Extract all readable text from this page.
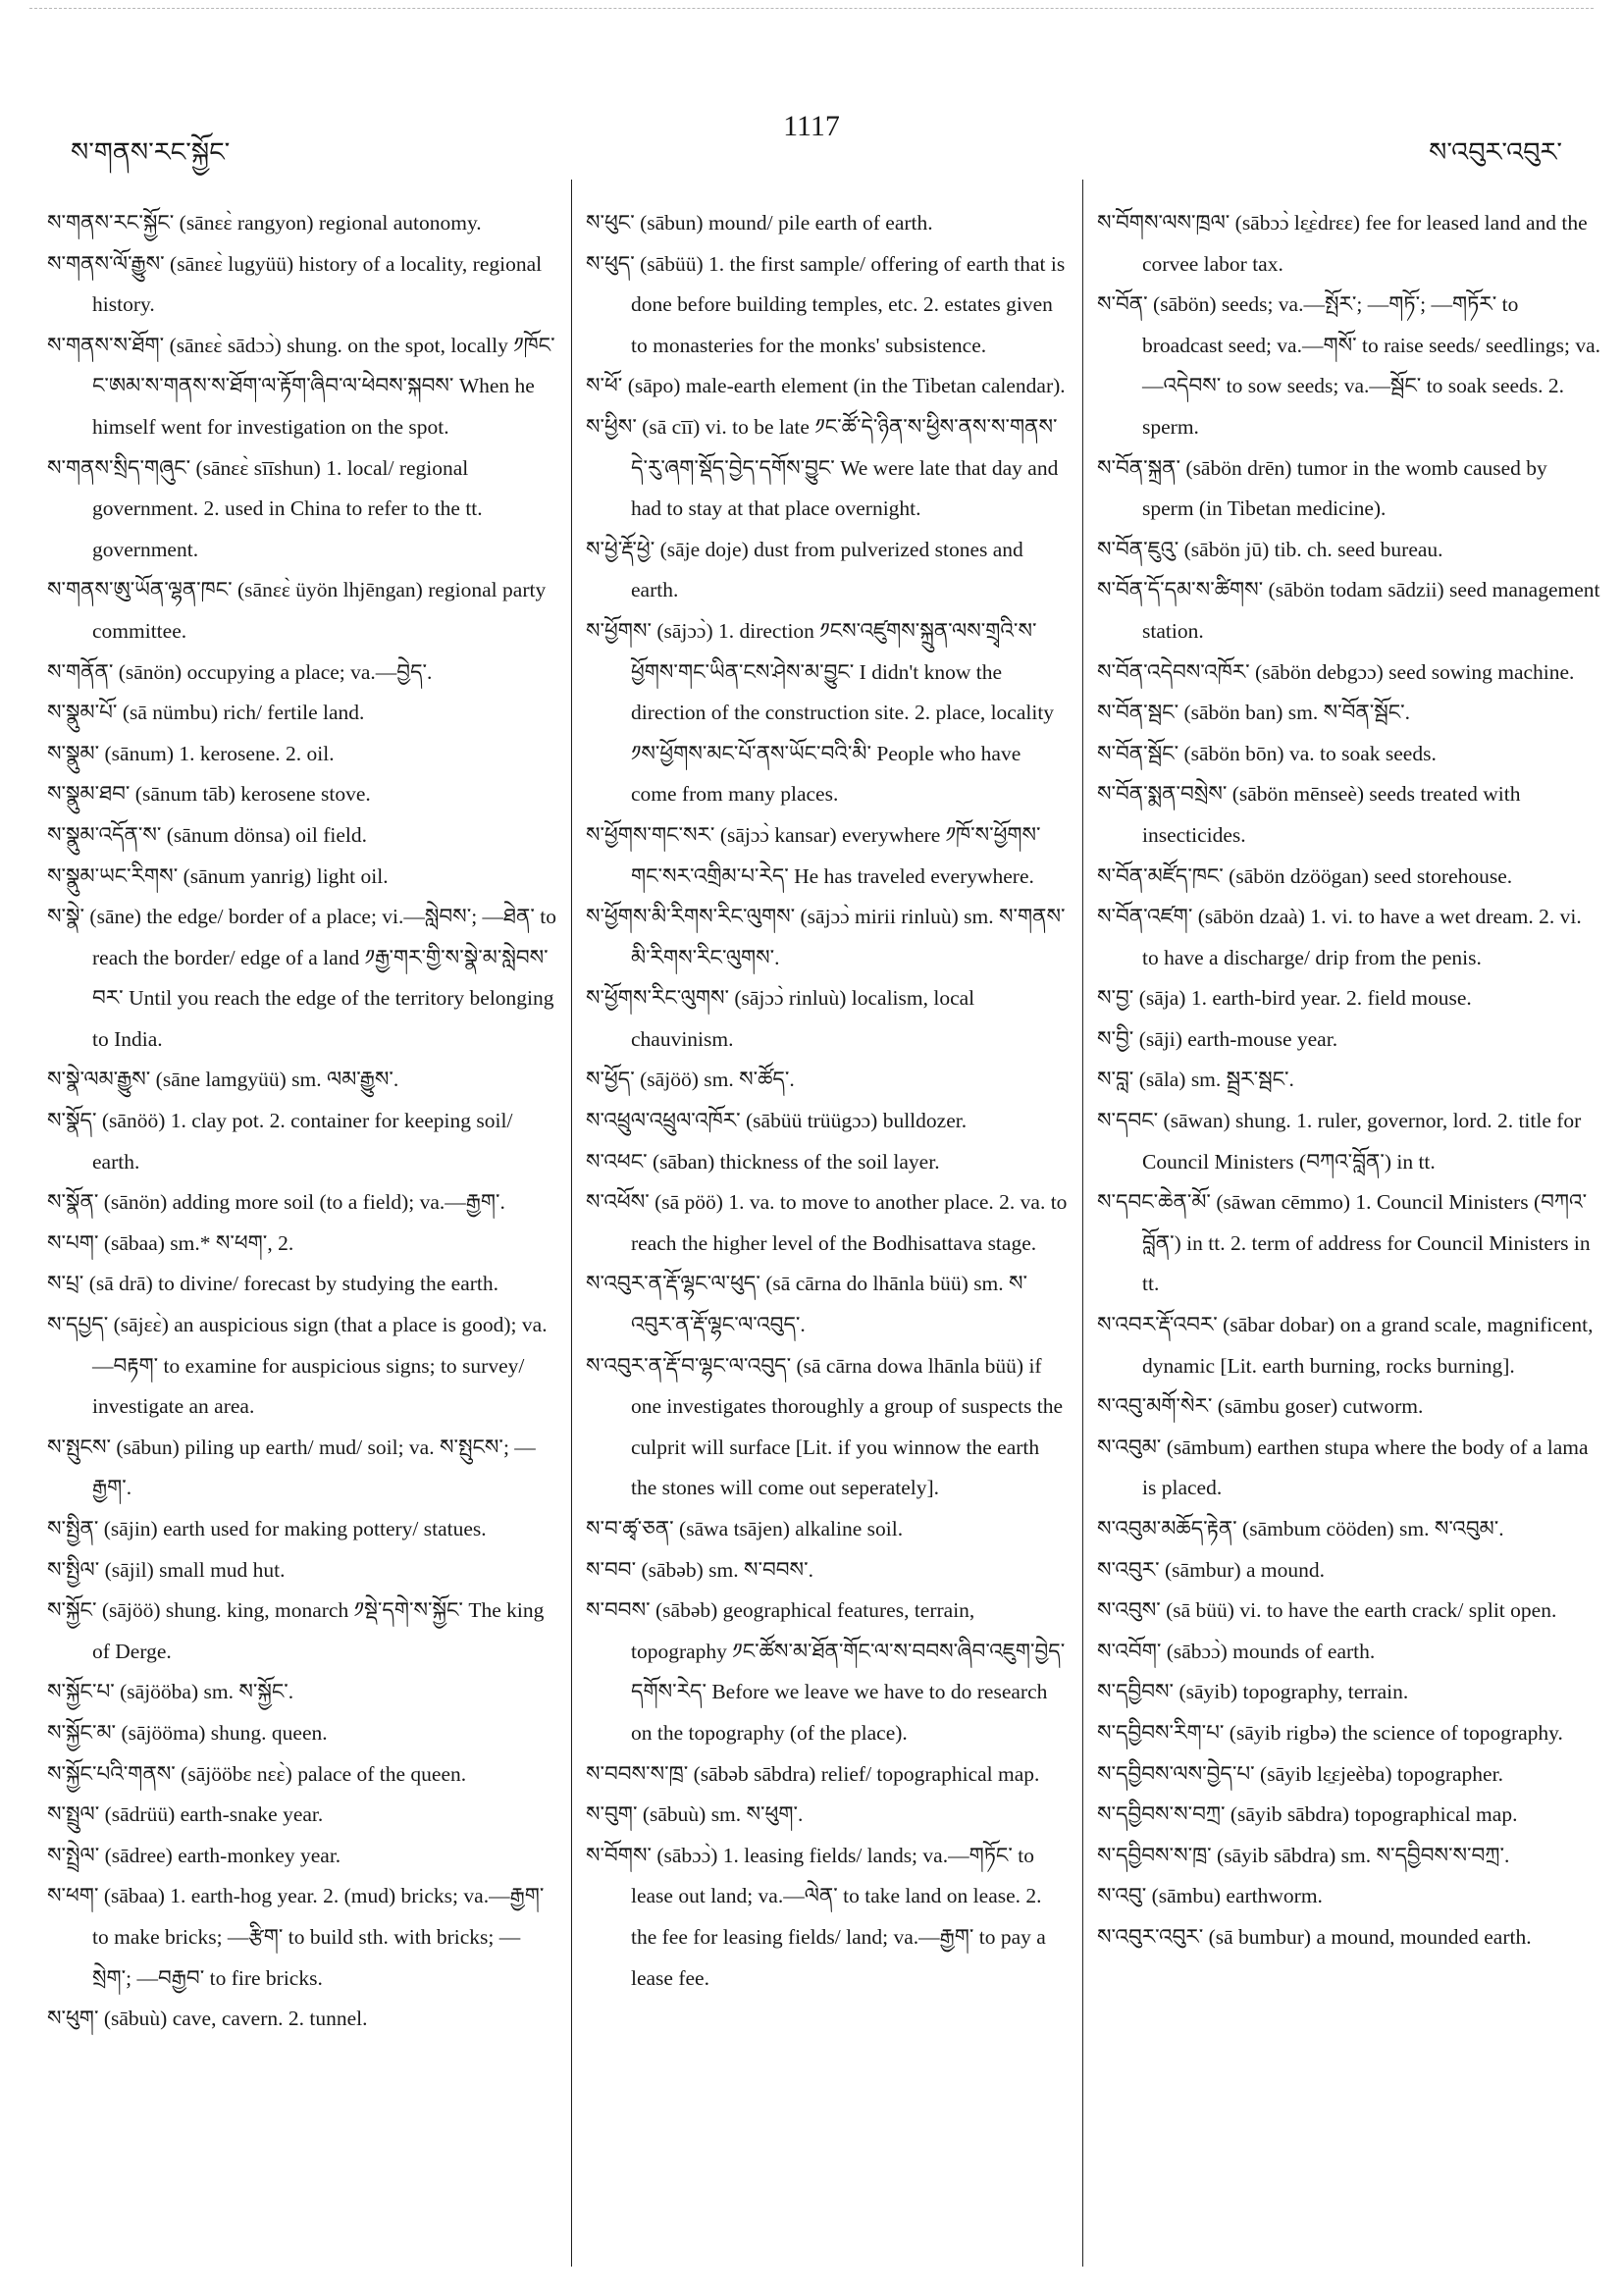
ས་གནས་རང་སྐྱོང་
1117
ས་འབུར་འབུར་

ས་གནས་རང་སྐྱོང་ (sānɛɛ̀ rangyon) regional autonomy.

ས་གནས་ལོ་རྒྱུས་ (sānɛɛ̀ lugyüü) history of a locality, regional history.

ས་གནས་ས་ཐོག་ (sānɛɛ̀ sādɔɔ̀) shung. on the spot, locally ༡ཁོང་ང་ཨམ་ས་གནས་ས་ཐོག་ལ་རྟོག་ཞིབ་ལ་ཕེབས་སྐབས་ When he himself went for investigation on the spot.

ས་གནས་སྲིད་གཞུང་ (sānɛɛ̀ sīīshun) 1. local/ regional government. 2. used in China to refer to the tt. government.

ས་གནས་ཨུ་ཡོན་ལྷན་ཁང་ (sānɛɛ̀ üyön lhjēngan) regional party committee.

ས་གནོན་ (sānön) occupying a place; va.—བྱེད་.

ས་སྣུམ་པོ་ (sā nümbu) rich/ fertile land.

ས་སྣུམ་ (sānum) 1. kerosene. 2. oil.

ས་སྣུམ་ཐབ་ (sānum tāb) kerosene stove.

ས་སྣུམ་འདོན་ས་ (sānum dönsa) oil field.

ས་སྣུམ་ཡང་རིགས་ (sānum yanrig) light oil.

ས་སྣེ་ (sāne) the edge/ border of a place; vi.—སླེབས་; —ཐེན་ to reach the border/ edge of a land ༡རྒྱ་གར་གྱི་ས་སྣེ་མ་སླེབས་བར་ Until you reach the edge of the territory belonging to India.

ས་སྣེ་ལམ་རྒྱུས་ (sāne lamgyüü) sm. ལམ་རྒྱུས་.

ས་སྣོད་ (sānöö) 1. clay pot. 2. container for keeping soil/ earth.

ས་སྣོན་ (sānön) adding more soil (to a field); va.—རྒྱག་.

ས་པག་ (sābaa) sm.* ས་ཕག་, 2.

ས་པྲ་ (sā drā) to divine/ forecast by studying the earth.

ས་དཔྱད་ (sājɛɛ̀) an auspicious sign (that a place is good); va.—བརྟག་ to examine for auspicious signs; to survey/ investigate an area.

ས་སྤུངས་ (sābun) piling up earth/ mud/ soil; va. ས་སྤུངས་; —རྒྱག་.

ས་སྤྱིན་ (sājin) earth used for making pottery/ statues.

ས་སྤྱིལ་ (sājil) small mud hut.

ས་སྐྱོང་ (sājöö) shung. king, monarch ༡སྡེ་དགེ་ས་སྐྱོང་ The king of Derge.

ས་སྐྱོང་པ་ (sājööba) sm. ས་སྐྱོང་.

ས་སྐྱོང་མ་ (sājööma) shung. queen.

ས་སྐྱོང་པའི་གནས་ (sājööbɛ nɛɛ̀) palace of the queen.

ས་སྤྲུལ་ (sādrüü) earth-snake year.

ས་སྤྲེལ་ (sādree) earth-monkey year.

ས་ཕག་ (sābaa) 1. earth-hog year. 2. (mud) bricks; va.—རྒྱག་ to make bricks; —རྩིག་ to build sth. with bricks; —སྲེག་; —བརྒྱབ་ to fire bricks.

ས་ཕུག་ (sābuù) cave, cavern. 2. tunnel.

ས་ཕུང་ (sābun) mound/ pile earth of earth.

ས་ཕུད་ (sābüü) 1. the first sample/ offering of earth that is done before building temples, etc. 2. estates given to monasteries for the monks' subsistence.

ས་ཕོ་ (sāpo) male-earth element (in the Tibetan calendar).

ས་ཕྱིས་ (sā cīī) vi. to be late ༡ང་ཚོ་དེ་ཉིན་ས་ཕྱིས་ནས་ས་གནས་དེ་རུ་ཞག་སྡོད་བྱེད་དགོས་བྱུང་ We were late that day and had to stay at that place overnight.

ས་ཕྱེ་རྡོ་ཕྱེ་ (sāje doje) dust from pulverized stones and earth.

ས་ཕྱོགས་ (sājɔɔ̀) 1. direction ༡ངས་འཛུགས་སྐྲུན་ལས་གྲྭའི་ས་ཕྱོགས་གང་ཡིན་ངས་ཤེས་མ་བྱུང་ I didn't know the direction of the construction site. 2. place, locality ༡ས་ཕྱོགས་མང་པོ་ནས་ཡོང་བའི་མི་ People who have come from many places.

ས་ཕྱོགས་གང་སར་ (sājɔɔ̀ kansar) everywhere ༡ཁོ་ས་ཕྱོགས་གང་སར་འགྲིམ་པ་རེད་ He has traveled everywhere.

ས་ཕྱོགས་མི་རིགས་རིང་ལུགས་ (sājɔɔ̀ mirii rinluù) sm. ས་གནས་མི་རིགས་རིང་ལུགས་.

ས་ཕྱོགས་རིང་ལུགས་ (sājɔɔ̀ rinluù) localism, local chauvinism.

ས་ཕྱོད་ (sājöö) sm. ས་ཚོད་.

ས་འཕྲུལ་འཕྲུལ་འཁོར་ (sābüü trüügɔɔ) bulldozer.

ས་འཕང་ (sāban) thickness of the soil layer.

ས་འཕོས་ (sā pöö) 1. va. to move to another place. 2. va. to reach the higher level of the Bodhisattava stage.

ས་འབུར་ན་རྡོ་ལྷང་ལ་ཕུད་ (sā cārna do lhānla büü) sm. ས་འབུར་ན་རྡོ་ལྷང་ལ་འབུད་.

ས་འབུར་ན་རྡོ་བ་ལྷང་ལ་འབུད་ (sā cārna dowa lhānla büü) if one investigates thoroughly a group of suspects the culprit will surface [Lit. if you winnow the earth the stones will come out seperately].

ས་བ་ཚྭ་ཅན་ (sāwa tsājen) alkaline soil.

ས་བབ་ (sābəb) sm. ས་བབས་.

ས་བབས་ (sābəb) geographical features, terrain, topography ༡ང་ཚོས་མ་ཐོན་གོང་ལ་ས་བབས་ཞིབ་འཇུག་བྱེད་དགོས་རེད་ Before we leave we have to do research on the topography (of the place).

ས་བབས་ས་ཁྲ་ (sābəb sābdra) relief/ topographical map.

ས་བུག་ (sābuù) sm. ས་ཕུག་.

ས་བོགས་ (sābɔɔ̀) 1. leasing fields/ lands; va.—གཏོང་ to lease out land; va.—ལེན་ to take land on lease. 2. the fee for leasing fields/ land; va.—རྒྱག་ to pay a lease fee.

ས་བོགས་ལས་ཁྲལ་ (sābɔɔ̀ lɛ̱ɛ̀drɛɛ) fee for leased land and the corvee labor tax.

ས་བོན་ (sābön) seeds; va.—སྤོར་; —གཏོ་; —གཏོར་ to broadcast seed; va.—གསོ་ to raise seeds/ seedlings; va.—འདེབས་ to sow seeds; va.—སྦོང་ to soak seeds. 2. sperm.

ས་བོན་སྐྲན་ (sābön drēn) tumor in the womb caused by sperm (in Tibetan medicine).

ས་བོན་ཇུའུ་ (sābön jū) tib. ch. seed bureau.

ས་བོན་དོ་དམ་ས་ཚིགས་ (sābön todam sādzii) seed management station.

ས་བོན་འདེབས་འཁོར་ (sābön debgɔɔ) seed sowing machine.

ས་བོན་སྦང་ (sābön ban) sm. ས་བོན་སྦོང་.

ས་བོན་སྦོང་ (sābön bōn) va. to soak seeds.

ས་བོན་སྨན་བསྲེས་ (sābön mēnseè) seeds treated with insecticides.

ས་བོན་མཛོད་ཁང་ (sābön dzöögan) seed storehouse.

ས་བོན་འཛག་ (sābön dzaà) 1. vi. to have a wet dream. 2. vi. to have a discharge/ drip from the penis.

ས་བྱ་ (sāja) 1. earth-bird year. 2. field mouse.

ས་བྱི་ (sāji) earth-mouse year.

ས་བླ་ (sāla) sm. སྦྲར་སྦང་.

ས་དབང་ (sāwan) shung. 1. ruler, governor, lord. 2. title for Council Ministers (བཀའ་བློན་) in tt.

ས་དབང་ཆེན་མོ་ (sāwan cēmmo) 1. Council Ministers (བཀའ་བློན་) in tt. 2. term of address for Council Ministers in tt.

ས་འབར་རྡོ་འབར་ (sābar dobar) on a grand scale, magnificent, dynamic [Lit. earth burning, rocks burning].

ས་འབུ་མགོ་སེར་ (sāmbu goser) cutworm.

ས་འབུམ་ (sāmbum) earthen stupa where the body of a lama is placed.

ས་འབུམ་མཆོད་རྟེན་ (sāmbum cööden) sm. ས་འབུམ་.

ས་འབུར་ (sāmbur) a mound.

ས་འབུས་ (sā büü) vi. to have the earth crack/ split open.

ས་འབོག་ (sābɔɔ̀) mounds of earth.

ས་དབྱིབས་ (sāyib) topography, terrain.

ས་དབྱིབས་རིག་པ་ (sāyib rigbə) the science of topography.

ས་དབྱིབས་ལས་བྱེད་པ་ (sāyib lɛ̱ɛjeèba) topographer.

ས་དབྱིབས་ས་བཀྲ་ (sāyib sābdra) topographical map.

ས་དབྱིབས་ས་ཁྲ་ (sāyib sābdra) sm. ས་དབྱིབས་ས་བཀྲ་.

ས་འབུ་ (sāmbu) earthworm.

ས་འབུར་འབུར་ (sā bumbur) a mound, mounded earth.
